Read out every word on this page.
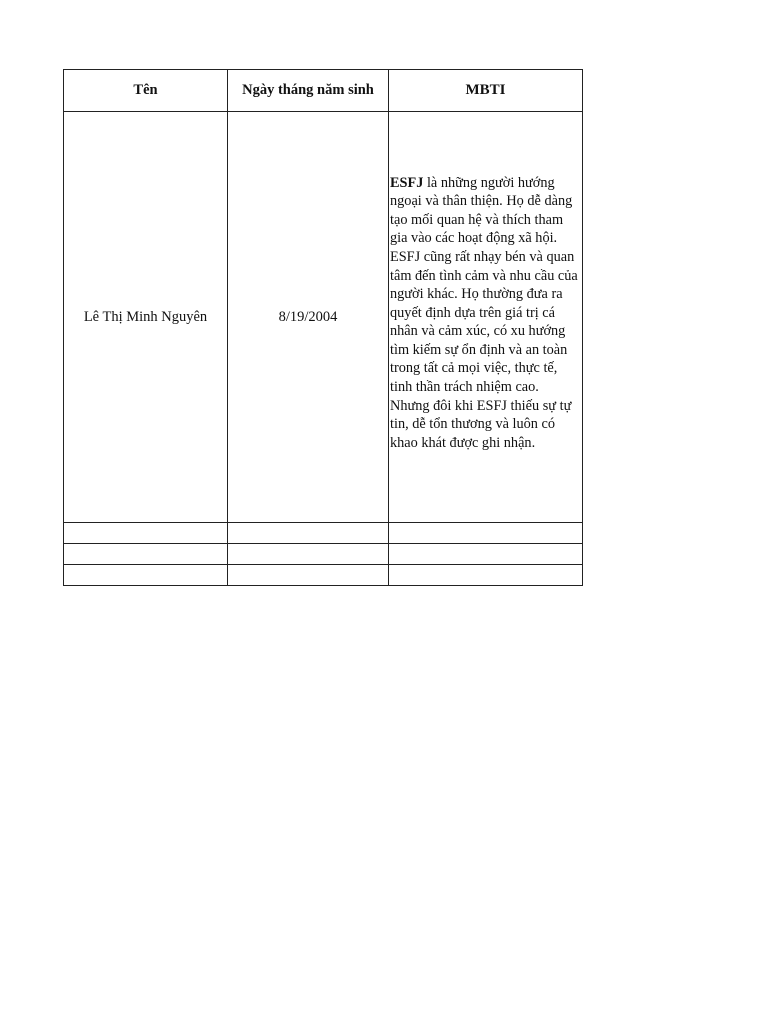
Tên	Ngày tháng năm sinh	MBTI
Lê Thị Minh Nguyên	8/19/2004	ESFJ là những người hướng ngoại và thân thiện. Họ dễ dàng tạo mối quan hệ và thích tham gia vào các hoạt động xã hội. ESFJ cũng rất nhạy bén và quan tâm đến tình cảm và nhu cầu của người khác. Họ thường đưa ra quyết định dựa trên giá trị cá nhân và cảm xúc, có xu hướng tìm kiếm sự ổn định và an toàn trong tất cả mọi việc, thực tế, tinh thần trách nhiệm cao. Nhưng đôi khi ESFJ thiếu sự tự tin, dễ tổn thương và luôn có khao khát được ghi nhận.
